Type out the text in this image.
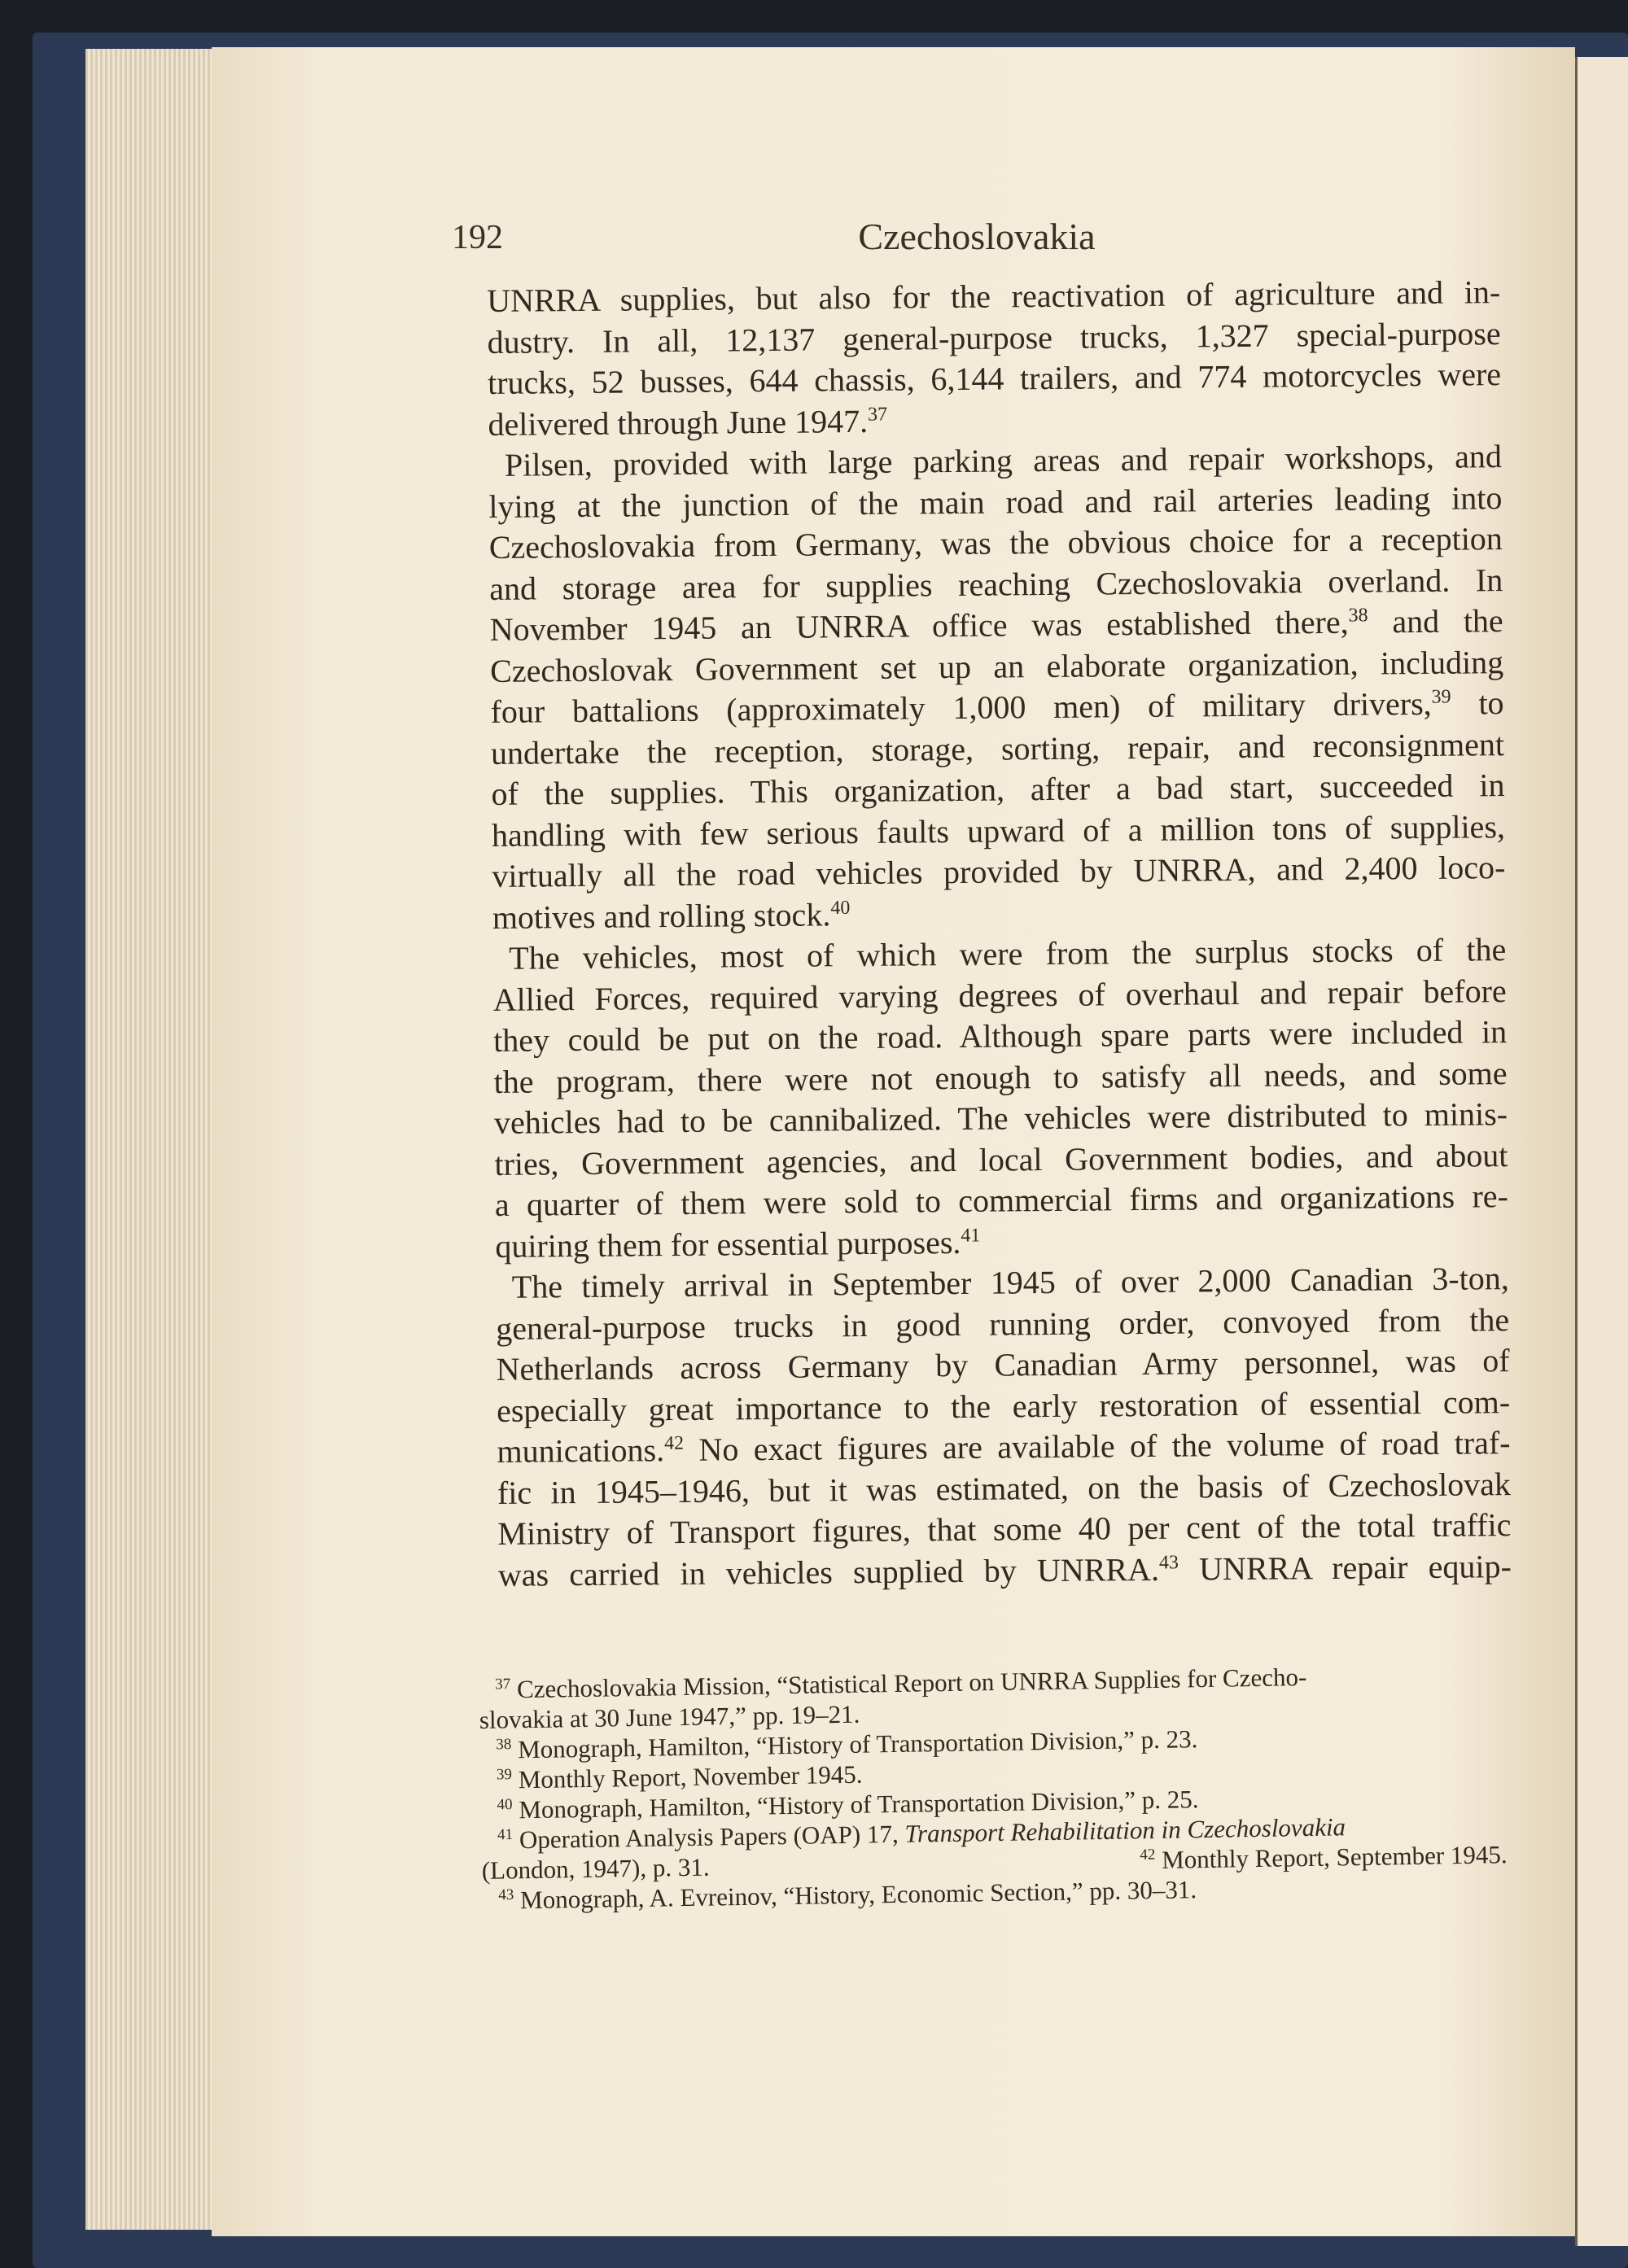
192	Czechoslovakia
UNRRA supplies, but also for the reactivation of agriculture and in-
dustry. In all, 12,137 general-purpose trucks, 1,327 special-purpose
trucks, 52 busses, 644 chassis, 6,144 trailers, and 774 motorcycles were
delivered through June 1947.37
Pilsen, provided with large parking areas and repair workshops, and
lying at the junction of the main road and rail arteries leading into
Czechoslovakia from Germany, was the obvious choice for a reception
and storage area for supplies reaching Czechoslovakia overland. In
November 1945 an UNRRA office was established there,$^{38}$ and the
Czechoslovak Government set up an elaborate organization, including
four battalions (approximately 1,000 men) of military drivers,$^{39}$ to
undertake the reception, storage, sorting, repair, and reconsignment
of the supplies. This organization, after a bad start, succeeded in
handling with few serious faults upward of a million tons of supplies,
virtually all the road vehicles provided by UNRRA, and 2,400 loco-
motives and rolling stock.$^{40}$
The vehicles, most of which were from the surplus stocks of the
Allied Forces, required varying degrees of overhaul and repair before
they could be put on the road. Although spare parts were included in
the program, there were not enough to satisfy all needs, and some
vehicles had to be cannibalized. The vehicles were distributed to minis-
tries, Government agencies, and local Government bodies, and about
a quarter of them were sold to commercial firms and organizations re-
quiring them for essential purposes.$^{41}$
The timely arrival in September 1945 of over 2,000 Canadian 3-ton,
general-purpose trucks in good running order, convoyed from the
Netherlands across Germany by Canadian Army personnel, was of
especially great importance to the early restoration of essential com-
munications.$^{42}$ No exact figures are available of the volume of road traf-
fic in 1945–1946, but it was estimated, on the basis of Czechoslovak
Ministry of Transport figures, that some 40 per cent of the total traffic
was carried in vehicles supplied by UNRRA.$^{43}$ UNRRA repair equip-
$^{37}$ Czechoslovakia Mission, “Statistical Report on UNRRA Supplies for Czecho-
slovakia at 30 June 1947,” pp. 19–21.
$^{38}$ Monograph, Hamilton, “History of Transportation Division,” p. 23.
$^{39}$ Monthly Report, November 1945.
$^{40}$ Monograph, Hamilton, “History of Transportation Division,” p. 25.
$^{41}$ Operation Analysis Papers (OAP) 17, Transport Rehabilitation in Czechoslovakia
$^{42}$ Monthly Report, September 1945.
(London, 1947), p. 31.
$^{43}$ Monograph, A. Evreinov, “History, Economic Section,” pp. 30–31.
